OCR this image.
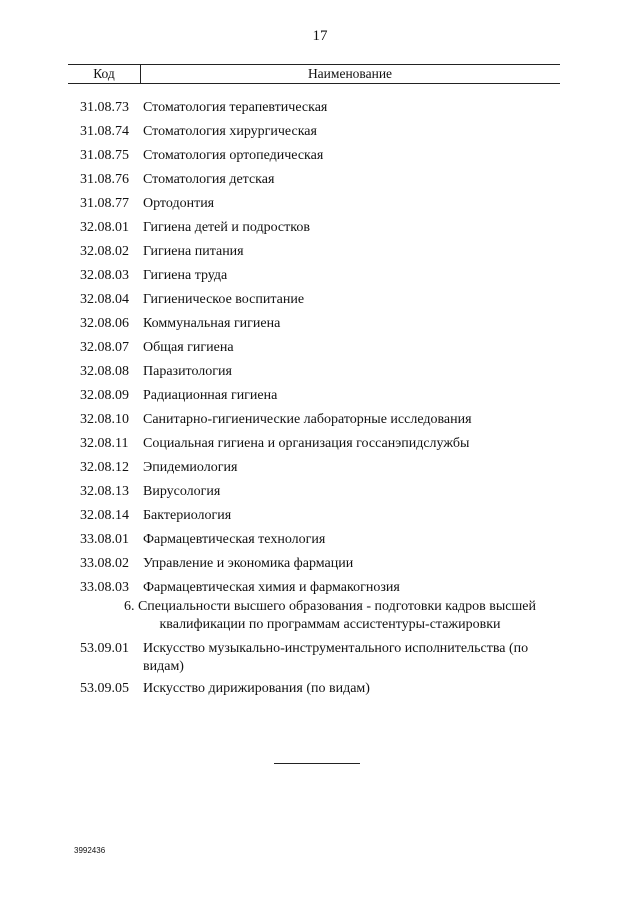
17
Код	Наименование
31.08.73 Стоматология терапевтическая
31.08.74 Стоматология хирургическая
31.08.75 Стоматология ортопедическая
31.08.76 Стоматология детская
31.08.77 Ортодонтия
32.08.01 Гигиена детей и подростков
32.08.02 Гигиена питания
32.08.03 Гигиена труда
32.08.04 Гигиеническое воспитание
32.08.06 Коммунальная гигиена
32.08.07 Общая гигиена
32.08.08 Паразитология
32.08.09 Радиационная гигиена
32.08.10 Санитарно-гигиенические лабораторные исследования
32.08.11 Социальная гигиена и организация госсанэпидслужбы
32.08.12 Эпидемиология
32.08.13 Вирусология
32.08.14 Бактериология
33.08.01 Фармацевтическая технология
33.08.02 Управление и экономика фармации
33.08.03 Фармацевтическая химия и фармакогнозия
6. Специальности высшего образования - подготовки кадров высшей
квалификации по программам ассистентуры-стажировки
53.09.01 Искусство музыкально-инструментального исполнительства (по видам)
53.09.05 Искусство дирижирования (по видам)
3992436
